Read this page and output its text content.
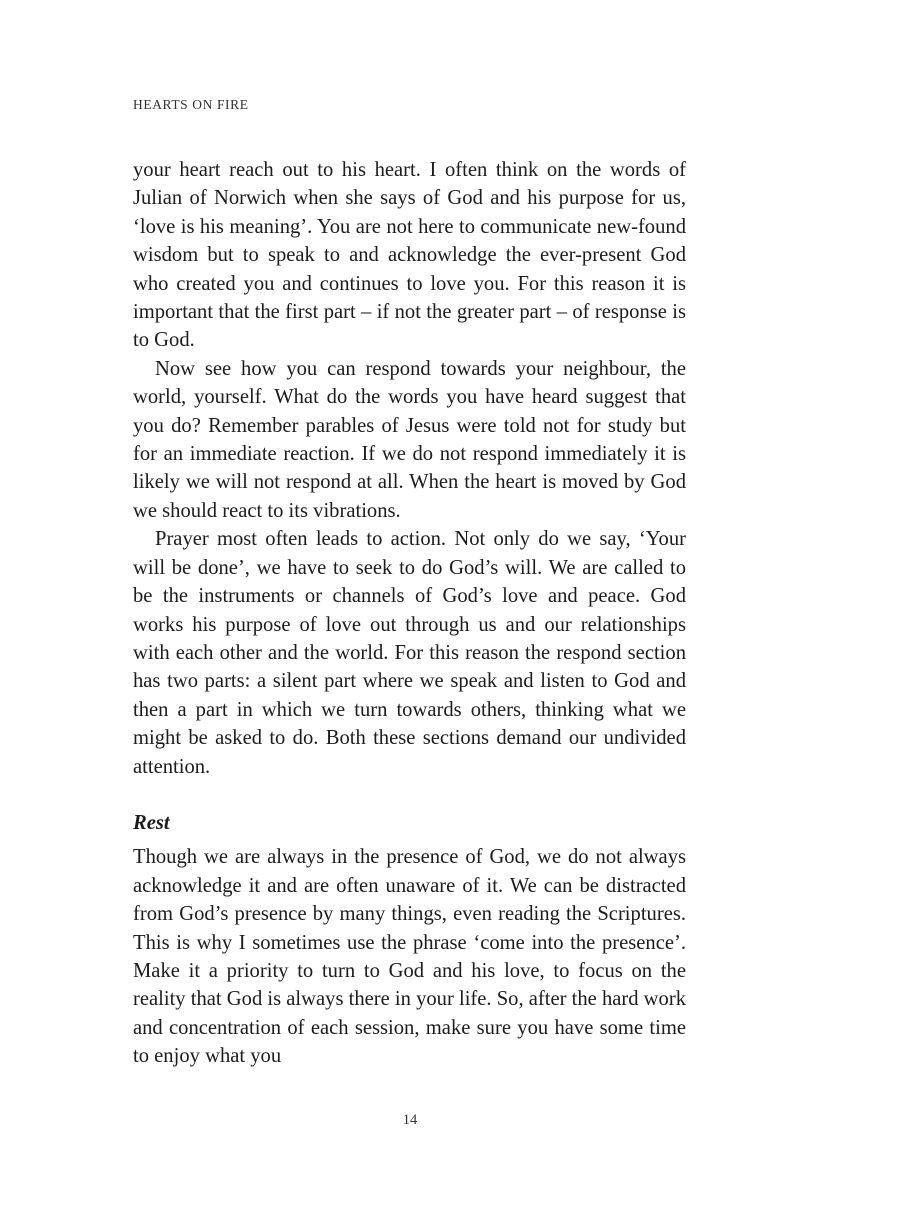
HEARTS ON FIRE

your heart reach out to his heart. I often think on the words of Julian of Norwich when she says of God and his purpose for us, ‘love is his meaning’. You are not here to communicate new-found wisdom but to speak to and acknowledge the ever-present God who created you and continues to love you. For this reason it is important that the first part – if not the greater part – of response is to God.

Now see how you can respond towards your neighbour, the world, yourself. What do the words you have heard suggest that you do? Remember parables of Jesus were told not for study but for an immediate reaction. If we do not respond immediately it is likely we will not respond at all. When the heart is moved by God we should react to its vibrations.

Prayer most often leads to action. Not only do we say, ‘Your will be done’, we have to seek to do God’s will. We are called to be the instruments or channels of God’s love and peace. God works his purpose of love out through us and our relationships with each other and the world. For this reason the respond section has two parts: a silent part where we speak and listen to God and then a part in which we turn towards others, thinking what we might be asked to do. Both these sections demand our undivided attention.

Rest

Though we are always in the presence of God, we do not always acknowledge it and are often unaware of it. We can be distracted from God’s presence by many things, even reading the Scriptures. This is why I sometimes use the phrase ‘come into the presence’. Make it a priority to turn to God and his love, to focus on the reality that God is always there in your life. So, after the hard work and concentration of each session, make sure you have some time to enjoy what you

14
